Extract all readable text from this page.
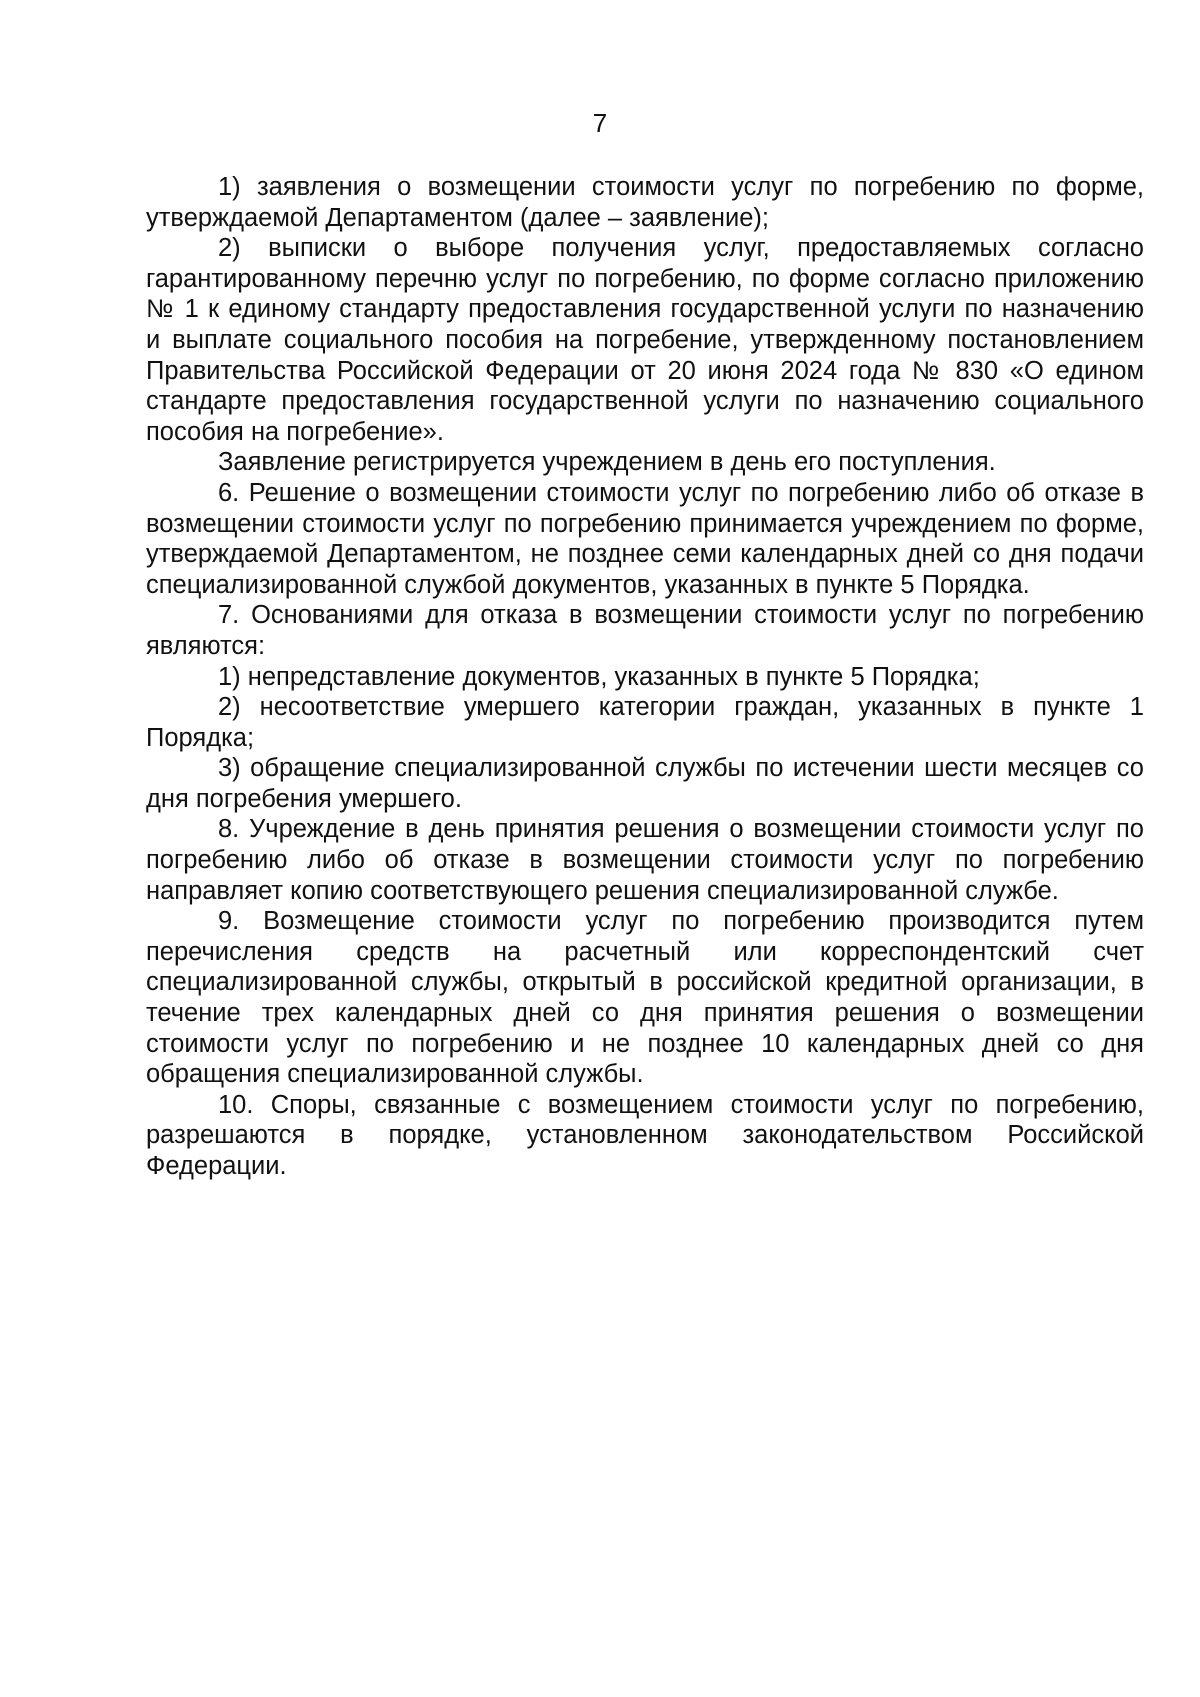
7

1) заявления о возмещении стоимости услуг по погребению по форме, утверждаемой Департаментом (далее – заявление);

2) выписки о выборе получения услуг, предоставляемых согласно гарантированному перечню услуг по погребению, по форме согласно приложению № 1 к единому стандарту предоставления государственной услуги по назначению и выплате социального пособия на погребение, утвержденному постановлением Правительства Российской Федерации от 20 июня 2024 года № 830 «О едином стандарте предоставления государственной услуги по назначению социального пособия на погребение».

Заявление регистрируется учреждением в день его поступления.

6. Решение о возмещении стоимости услуг по погребению либо об отказе в возмещении стоимости услуг по погребению принимается учреждением по форме, утверждаемой Департаментом, не позднее семи календарных дней со дня подачи специализированной службой документов, указанных в пункте 5 Порядка.

7. Основаниями для отказа в возмещении стоимости услуг по погребению являются:

1) непредставление документов, указанных в пункте 5 Порядка;

2) несоответствие умершего категории граждан, указанных в пункте 1 Порядка;

3) обращение специализированной службы по истечении шести месяцев со дня погребения умершего.

8. Учреждение в день принятия решения о возмещении стоимости услуг по погребению либо об отказе в возмещении стоимости услуг по погребению направляет копию соответствующего решения специализированной службе.

9. Возмещение стоимости услуг по погребению производится путем перечисления средств на расчетный или корреспондентский счет специализированной службы, открытый в российской кредитной организации, в течение трех календарных дней со дня принятия решения о возмещении стоимости услуг по погребению и не позднее 10 календарных дней со дня обращения специализированной службы.

10. Споры, связанные с возмещением стоимости услуг по погребению, разрешаются в порядке, установленном законодательством Российской Федерации.
